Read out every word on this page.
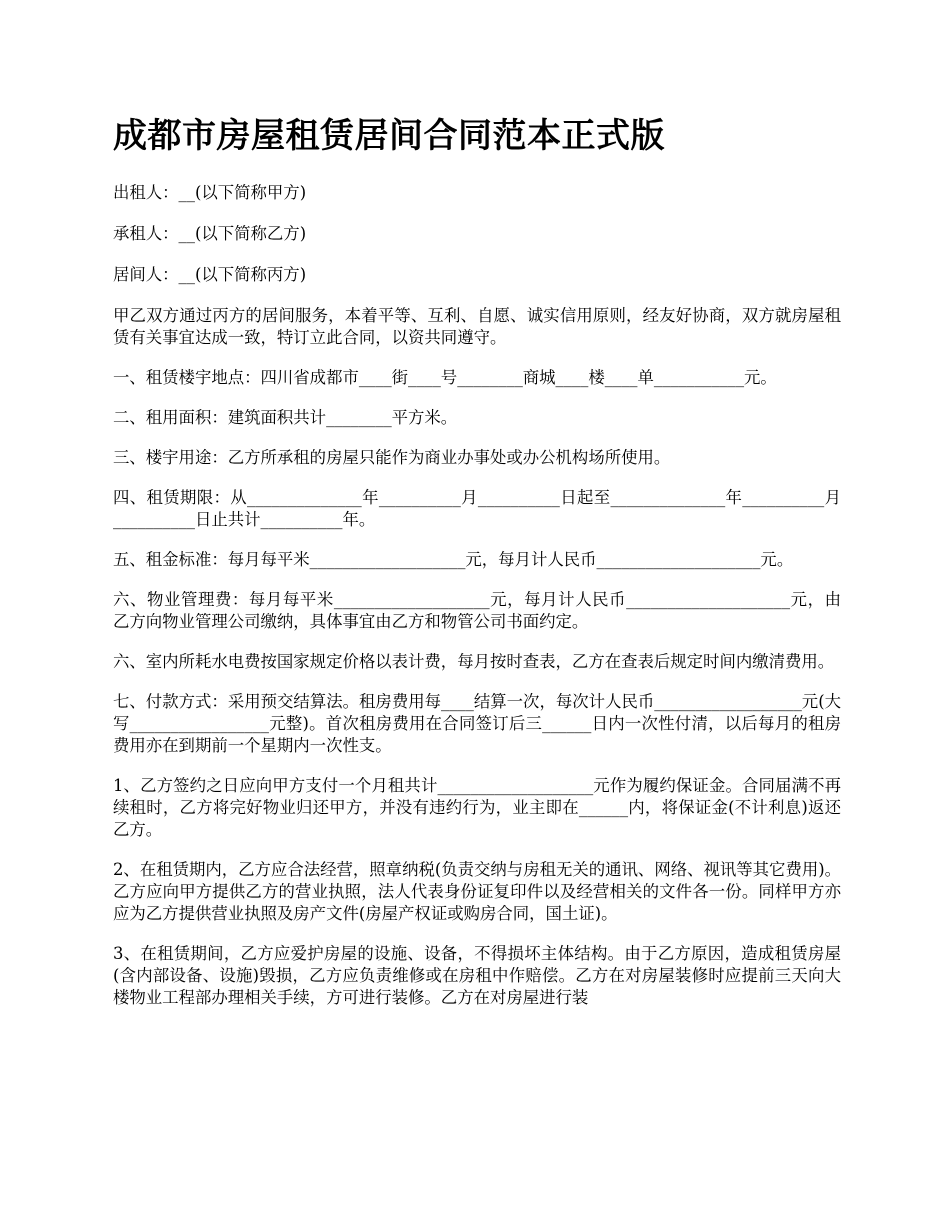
成都市房屋租赁居间合同范本正式版

出租人：__(以下简称甲方)

承租人：__(以下简称乙方)

居间人：__(以下简称丙方)

甲乙双方通过丙方的居间服务，本着平等、互利、自愿、诚实信用原则，经友好协商，双方就房屋租赁有关事宜达成一致，特订立此合同，以资共同遵守。

一、租赁楼宇地点：四川省成都市____街____号________商城____楼____单___________元。

二、租用面积：建筑面积共计________平方米。

三、楼宇用途：乙方所承租的房屋只能作为商业办事处或办公机构场所使用。

四、租赁期限：从______________年__________月__________日起至______________年__________月__________日止共计__________年。

五、租金标准：每月每平米___________________元，每月计人民币____________________元。

六、物业管理费：每月每平米___________________元，每月计人民币____________________元，由乙方向物业管理公司缴纳，具体事宜由乙方和物管公司书面约定。

六、室内所耗水电费按国家规定价格以表计费，每月按时查表，乙方在查表后规定时间内缴清费用。

七、付款方式：采用预交结算法。租房费用每____结算一次，每次计人民币__________________元(大写_________________元整)。首次租房费用在合同签订后三______日内一次性付清，以后每月的租房费用亦在到期前一个星期内一次性支。

1、乙方签约之日应向甲方支付一个月租共计___________________元作为履约保证金。合同届满不再续租时，乙方将完好物业归还甲方，并没有违约行为，业主即在______内，将保证金(不计利息)返还乙方。

2、在租赁期内，乙方应合法经营，照章纳税(负责交纳与房租无关的通讯、网络、视讯等其它费用)。乙方应向甲方提供乙方的营业执照，法人代表身份证复印件以及经营相关的文件各一份。同样甲方亦应为乙方提供营业执照及房产文件(房屋产权证或购房合同，国土证)。

3、在租赁期间，乙方应爱护房屋的设施、设备，不得损坏主体结构。由于乙方原因，造成租赁房屋(含内部设备、设施)毁损，乙方应负责维修或在房租中作赔偿。乙方在对房屋装修时应提前三天向大楼物业工程部办理相关手续，方可进行装修。乙方在对房屋进行装
